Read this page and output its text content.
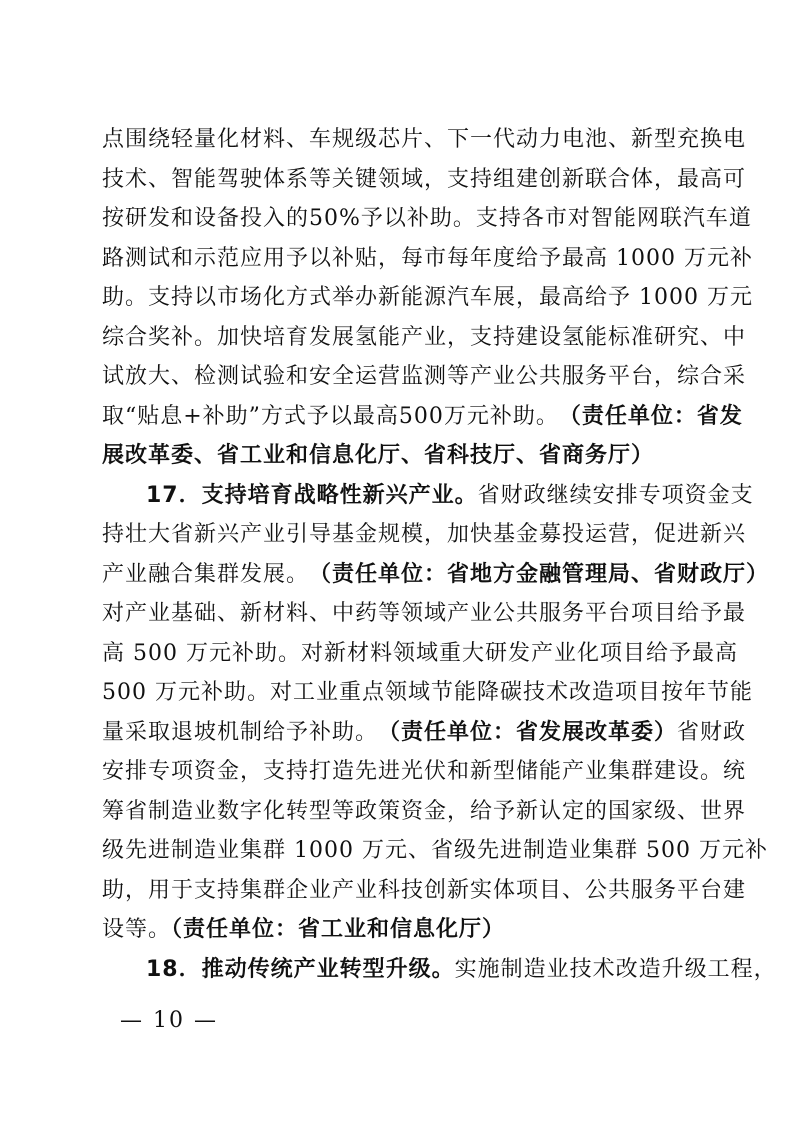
点围绕轻量化材料、车规级芯片、下一代动力电池、新型充换电
技术、智能驾驶体系等关键领域，支持组建创新联合体，最高可
按研发和设备投入的50%予以补助。支持各市对智能网联汽车道
路测试和示范应用予以补贴，每市每年度给予最高 1000 万元补
助。支持以市场化方式举办新能源汽车展，最高给予 1000 万元
综合奖补。加快培育发展氢能产业，支持建设氢能标准研究、中
试放大、检测试验和安全运营监测等产业公共服务平台，综合采
取“贴息+补助”方式予以最高500万元补助。 （责任单位：省发
展改革委、省工业和信息化厅、省科技厅、省商务厅）
17．支持培育战略性新兴产业。 省财政继续安排专项资金支
持壮大省新兴产业引导基金规模，加快基金募投运营，促进新兴
产业融合集群发展。 （责任单位：省地方金融管理局、省财政厅）
对产业基础、新材料、中药等领域产业公共服务平台项目给予最
高 500 万元补助。对新材料领域重大研发产业化项目给予最高
500 万元补助。对工业重点领域节能降碳技术改造项目按年节能
量采取退坡机制给予补助。 （责任单位：省发展改革委） 省财政
安排专项资金，支持打造先进光伏和新型储能产业集群建设。统
筹省制造业数字化转型等政策资金，给予新认定的国家级、世界
级先进制造业集群 1000 万元、省级先进制造业集群 500 万元补
助，用于支持集群企业产业科技创新实体项目、公共服务平台建
设等。（责任单位：省工业和信息化厅）
18．推动传统产业转型升级。 实施制造业技术改造升级工程，
— 10 —
